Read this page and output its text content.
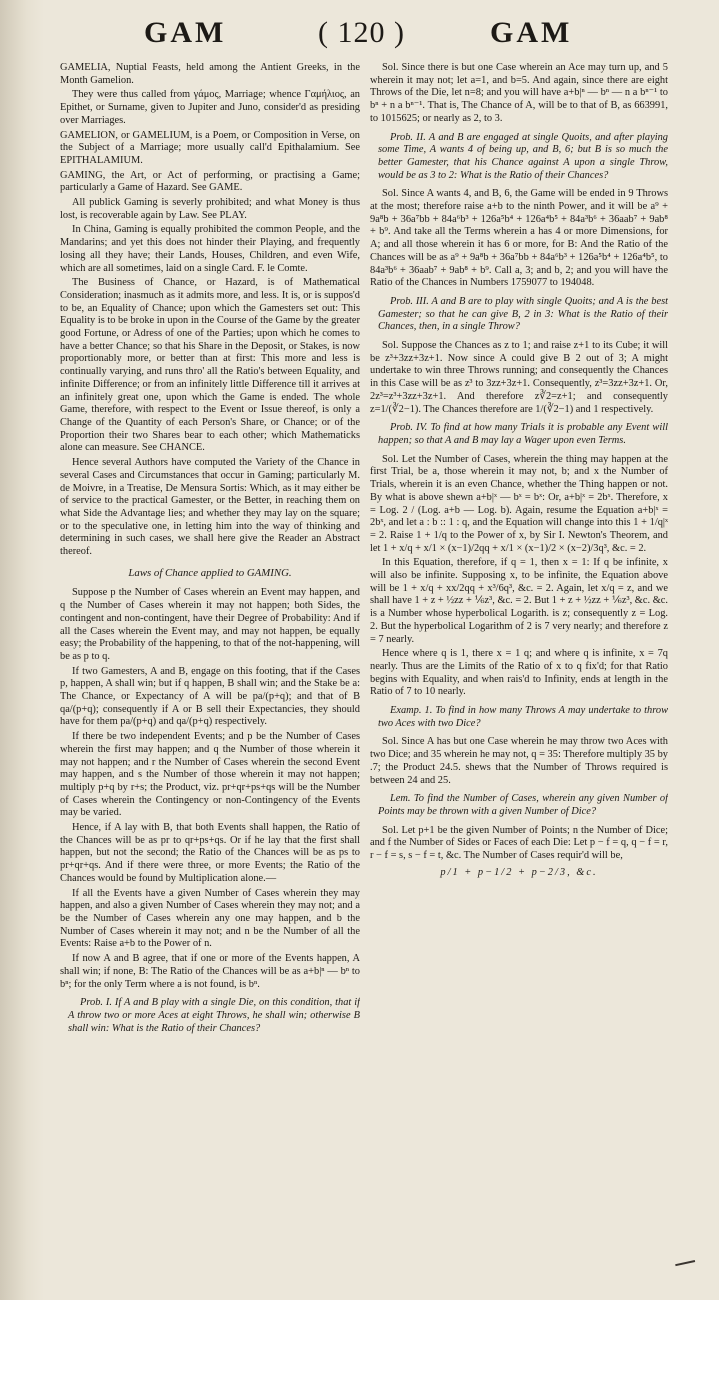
GAM	( 120 )	GAM

GAMELIA, Nuptial Feasts, held among the Antient Greeks, in the Month Gamelion.

They were thus called from γάμος, Marriage; whence Γαμήλιος, an Epithet, or Surname, given to Jupiter and Juno, consider'd as presiding over Marriages.

GAMELION, or GAMELIUM, is a Poem, or Composition in Verse, on the Subject of a Marriage; more usually call'd Epithalamium. See EPITHALAMIUM.

GAMING, the Art, or Act of performing, or practising a Game; particularly a Game of Hazard. See GAME.

All publick Gaming is severly prohibited; and what Money is thus lost, is recoverable again by Law. See PLAY.

In China, Gaming is equally prohibited the common People, and the Mandarins; and yet this does not hinder their Playing, and frequently losing all they have; their Lands, Houses, Children, and even Wife, which are all sometimes, laid on a single Card. F. le Comte.

The Business of Chance, or Hazard, is of Mathematical Consideration; inasmuch as it admits more, and less. It is, or is suppos'd to be, an Equality of Chance; upon which the Gamesters set out: This Equality is to be broke in upon in the Course of the Game by the greater good Fortune, or Adress of one of the Parties; upon which he comes to have a better Chance; so that his Share in the Deposit, or Stakes, is now proportionably more, or better than at first: This more and less is continually varying, and runs thro' all the Ratio's between Equality, and infinite Difference; or from an infinitely little Difference till it arrives at an infinitely great one, upon which the Game is ended. The whole Game, therefore, with respect to the Event or Issue thereof, is only a Change of the Quantity of each Person's Share, or Chance; or of the Proportion their two Shares bear to each other; which Mathematicks alone can measure. See CHANCE.

Hence several Authors have computed the Variety of the Chance in several Cases and Circumstances that occur in Gaming; particularly M. de Moivre, in a Treatise, De Mensura Sortis: Which, as it may either be of service to the practical Gamester, or the Better, in reaching them on what Side the Advantage lies; and whether they may lay on the square; or to the speculative one, in letting him into the way of thinking and determining in such cases, we shall here give the Reader an Abstract thereof.

Laws of Chance applied to GAMING.

Suppose p the Number of Cases wherein an Event may happen, and q the Number of Cases wherein it may not happen; both Sides, the contingent and non-contingent, have their Degree of Probability: And if all the Cases wherein the Event may, and may not happen, be equally easy; the Probability of the happening, to that of the not-happening, will be as p to q.

If two Gamesters, A and B, engage on this footing, that if the Cases p, happen, A shall win; but if q happen, B shall win; and the Stake be a: The Chance, or Expectancy of A will be pa/(p+q); and that of B qa/(p+q); consequently if A or B sell their Expectancies, they should have for them pa/(p+q) and qa/(p+q) respectively.

If there be two independent Events; and p be the Number of Cases wherein the first may happen; and q the Number of those wherein it may not happen; and r the Number of Cases wherein the second Event may happen, and s the Number of those wherein it may not happen; multiply p+q by r+s; the Product, viz. pr+qr+ps+qs will be the Number of Cases wherein the Contingency or non-Contingency of the Events may be varied.

Hence, if A lay with B, that both Events shall happen, the Ratio of the Chances will be as pr to qr+ps+qs. Or if he lay that the first shall happen, but not the second; the Ratio of the Chances will be as ps to pr+qr+qs. And if there were three, or more Events; the Ratio of the Chances would be found by Multiplication alone.—

If all the Events have a given Number of Cases wherein they may happen, and also a given Number of Cases wherein they may not; and a be the Number of Cases wherein any one may happen, and b the Number of Cases wherein it may not; and n be the Number of all the Events: Raise a+b to the Power of n.

If now A and B agree, that if one or more of the Events happen, A shall win; if none, B: The Ratio of the Chances will be as a+b|ⁿ — bⁿ to bⁿ; for the only Term where a is not found, is bⁿ.

Prob. I. If A and B play with a single Die, on this condition, that if A throw two or more Aces at eight Throws, he shall win; otherwise B shall win: What is the Ratio of their Chances?

Sol. Since there is but one Case wherein an Ace may turn up, and 5 wherein it may not; let a=1, and b=5. And again, since there are eight Throws of the Die, let n=8; and you will have a+b|ⁿ — bⁿ — n a bⁿ⁻¹ to bⁿ + n a bⁿ⁻¹. That is, The Chance of A, will be to that of B, as 663991, to 1015625; or nearly as 2, to 3.

Prob. II. A and B are engaged at single Quoits, and after playing some Time, A wants 4 of being up, and B, 6; but B is so much the better Gamester, that his Chance against A upon a single Throw, would be as 3 to 2: What is the Ratio of their Chances?

Sol. Since A wants 4, and B, 6, the Game will be ended in 9 Throws at the most; therefore raise a+b to the ninth Power, and it will be a⁹ + 9a⁸b + 36a⁷bb + 84a⁶b³ + 126a⁵b⁴ + 126a⁴b⁵ + 84a³b⁶ + 36aab⁷ + 9ab⁸ + b⁹. And take all the Terms wherein a has 4 or more Dimensions, for A; and all those wherein it has 6 or more, for B: And the Ratio of the Chances will be as a⁹ + 9a⁸b + 36a⁷bb + 84a⁶b³ + 126a⁵b⁴ + 126a⁴b⁵, to 84a³b⁶ + 36aab⁷ + 9ab⁸ + b⁹. Call a, 3; and b, 2; and you will have the Ratio of the Chances in Numbers 1759077 to 194048.

Prob. III. A and B are to play with single Quoits; and A is the best Gamester; so that he can give B, 2 in 3: What is the Ratio of their Chances, then, in a single Throw?

Sol. Suppose the Chances as z to 1; and raise z+1 to its Cube; it will be z³+3zz+3z+1. Now since A could give B 2 out of 3; A might undertake to win three Throws running; and consequently the Chances in this Case will be as z³ to 3zz+3z+1. Consequently, z³=3zz+3z+1. Or, 2z³=z³+3zz+3z+1. And therefore z∛2=z+1; and consequently z=1/(∛2−1). The Chances therefore are 1/(∛2−1) and 1 respectively.

Prob. IV. To find at how many Trials it is probable any Event will happen; so that A and B may lay a Wager upon even Terms.

Sol. Let the Number of Cases, wherein the thing may happen at the first Trial, be a, those wherein it may not, b; and x the Number of Trials, wherein it is an even Chance, whether the Thing happen or not. By what is above shewn a+b|ˣ — bˣ = bˣ: Or, a+b|ˣ = 2bˣ. Therefore, x = Log. 2 / (Log. a+b — Log. b). Again, resume the Equation a+b|ˣ = 2bˣ, and let a : b :: 1 : q, and the Equation will change into this 1 + 1/q|ˣ = 2. Raise 1 + 1/q to the Power of x, by Sir I. Newton's Theorem, and let 1 + x/q + x/1 × (x−1)/2qq + x/1 × (x−1)/2 × (x−2)/3q³, &c. = 2.

In this Equation, therefore, if q = 1, then x = 1: If q be infinite, x will also be infinite. Supposing x, to be infinite, the Equation above will be 1 + x/q + xx/2qq + x³/6q³, &c. = 2. Again, let x/q = z, and we shall have 1 + z + ½zz + ⅙z³, &c. = 2. But 1 + z + ½zz + ⅙z³, &c. &c. is a Number whose hyperbolical Logarith. is z; consequently z = Log. 2. But the hyperbolical Logarithm of 2 is 7 very nearly; and therefore z = 7 nearly.

Hence where q is 1, there x = 1 q; and where q is infinite, x = 7q nearly. Thus are the Limits of the Ratio of x to q fix'd; for that Ratio begins with Equality, and when rais'd to Infinity, ends at length in the Ratio of 7 to 10 nearly.

Examp. 1. To find in how many Throws A may undertake to throw two Aces with two Dice?

Sol. Since A has but one Case wherein he may throw two Aces with two Dice; and 35 wherein he may not, q = 35: Therefore multiply 35 by .7; the Product 24.5. shews that the Number of Throws required is between 24 and 25.

Lem. To find the Number of Cases, wherein any given Number of Points may be thrown with a given Number of Dice?

Sol. Let p+1 be the given Number of Points; n the Number of Dice; and f the Number of Sides or Faces of each Die: Let p − f = q, q − f = r, r − f = s, s − f = t, &c. The Number of Cases requir'd will be,

p/1 + p−1/2 + p−2/3, &c.
